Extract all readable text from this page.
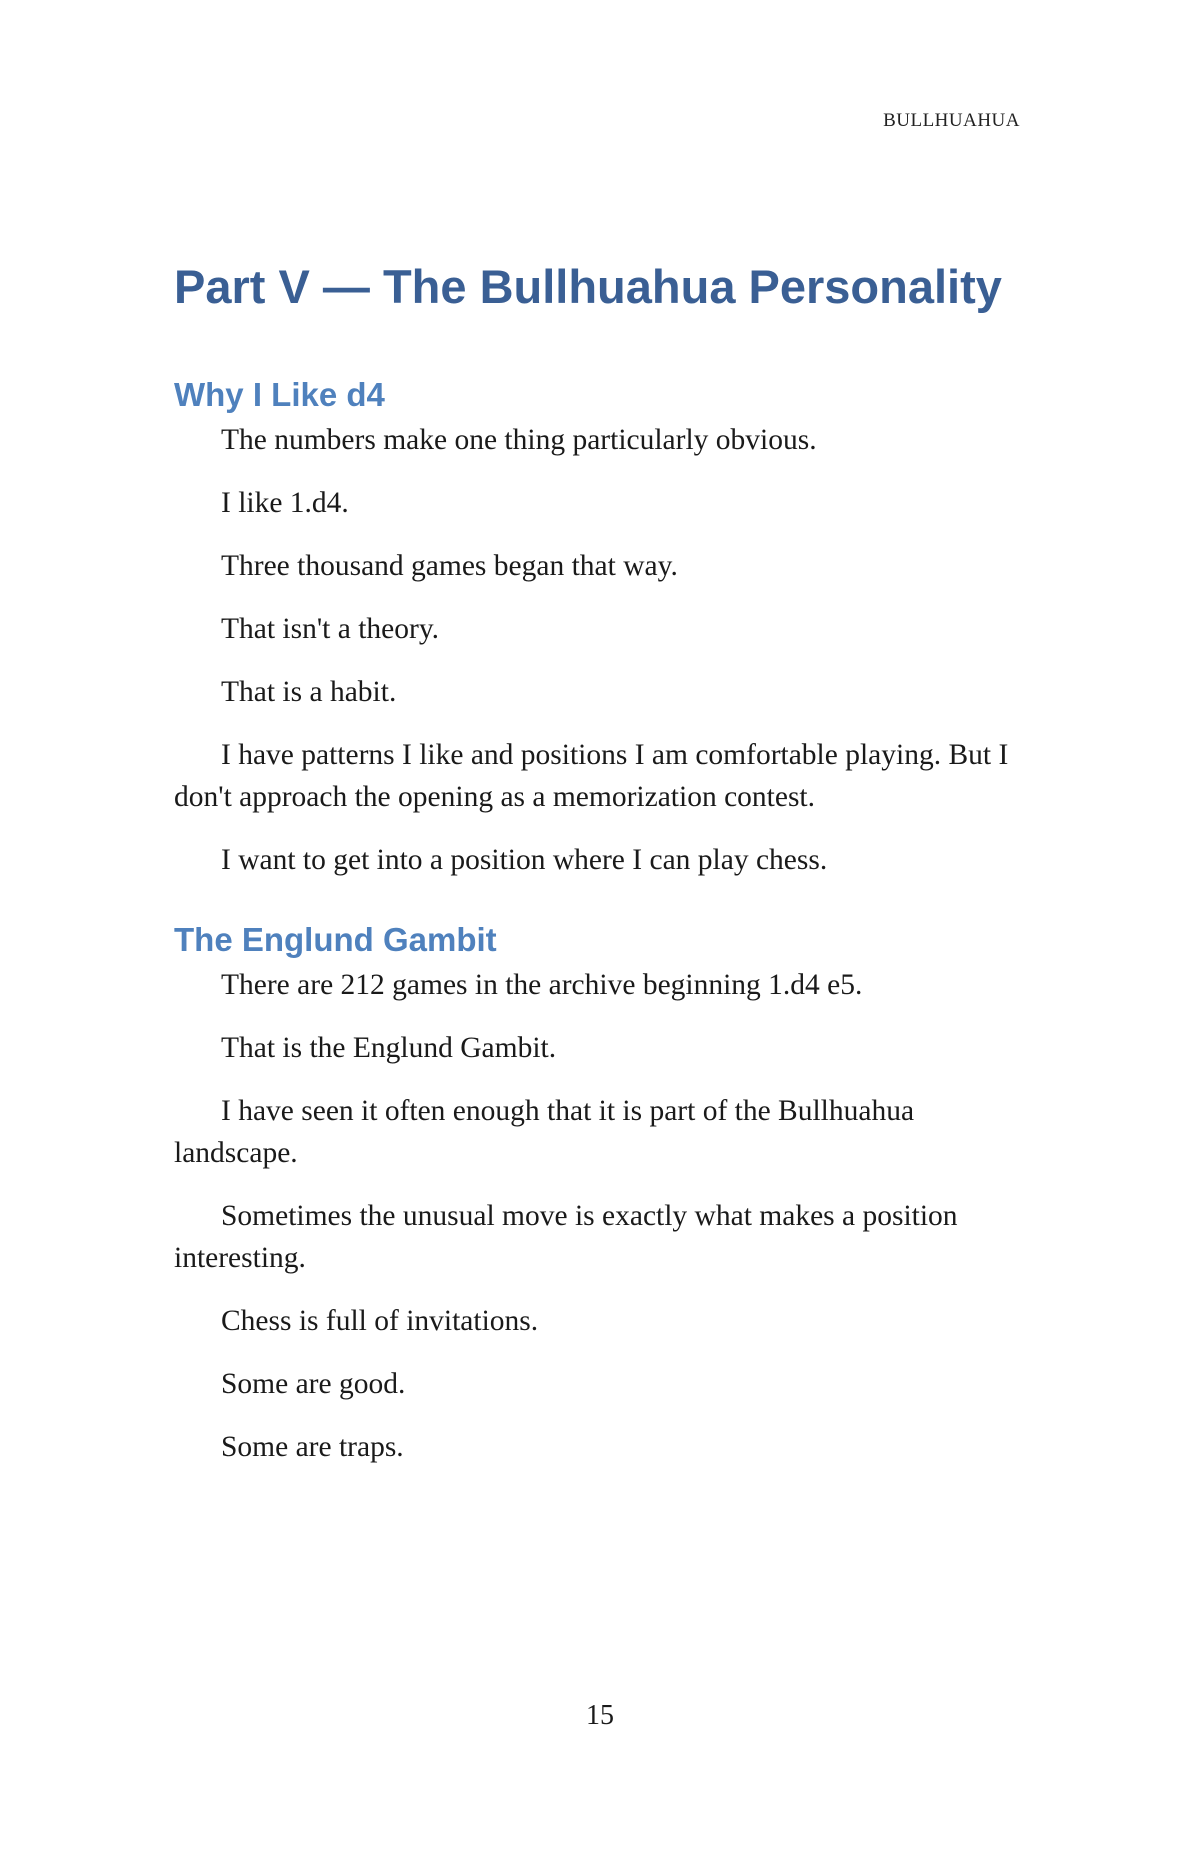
BULLHUAHUA
Part V — The Bullhuahua Personality
Why I Like d4

The numbers make one thing particularly obvious.

I like 1.d4.

Three thousand games began that way.

That isn't a theory.

That is a habit.

I have patterns I like and positions I am comfortable playing. But I don't approach the opening as a memorization contest.

I want to get into a position where I can play chess.

The Englund Gambit

There are 212 games in the archive beginning 1.d4 e5.

That is the Englund Gambit.

I have seen it often enough that it is part of the Bullhuahua landscape.

Sometimes the unusual move is exactly what makes a position interesting.

Chess is full of invitations.

Some are good.

Some are traps.

15
